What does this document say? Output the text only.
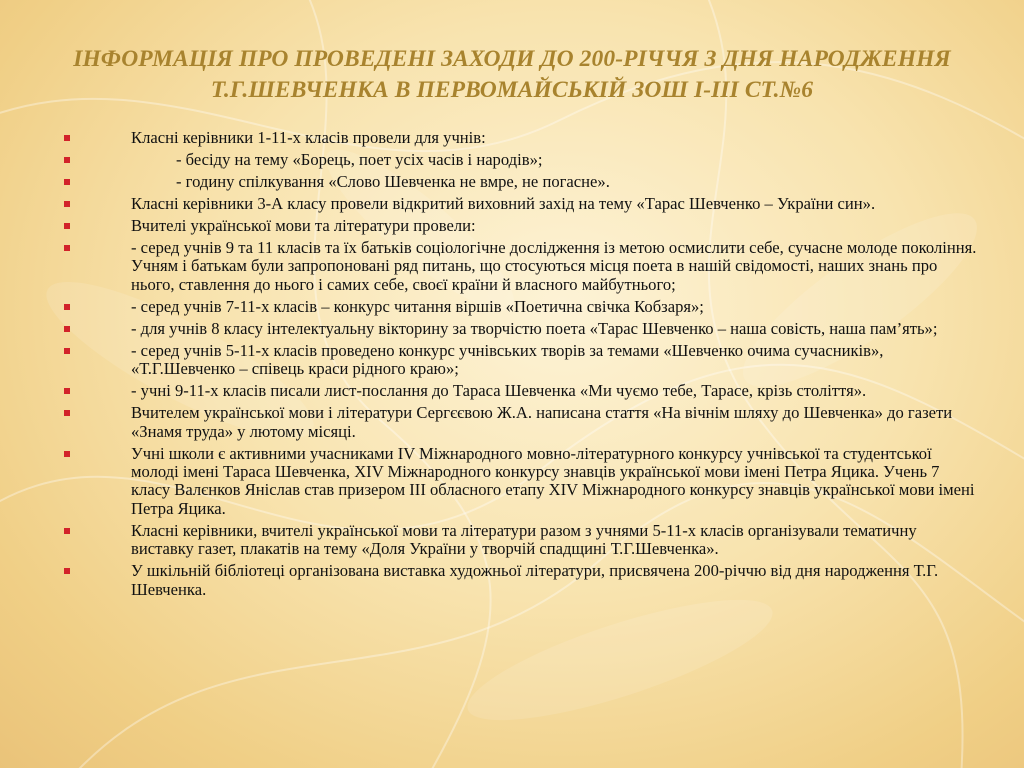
ІНФОРМАЦІЯ ПРО ПРОВЕДЕНІ ЗАХОДИ ДО 200-РІЧЧЯ З ДНЯ НАРОДЖЕННЯ Т.Г.ШЕВЧЕНКА В ПЕРВОМАЙСЬКІЙ ЗОШ І-ІІІ СТ.№6
Класні керівники 1-11-х класів провели для учнів:
- бесіду на тему «Борець, поет усіх часів і народів»;
- годину спілкування «Слово Шевченка не вмре, не погасне».
Класні керівники 3-А класу провели відкритий виховний захід на тему «Тарас Шевченко – України син».
Вчителі української мови та літератури провели:
- серед учнів 9 та 11 класів та їх батьків соціологічне дослідження із метою осмислити себе, сучасне молоде покоління. Учням і батькам були запропоновані ряд питань, що стосуються місця поета в нашій свідомості, наших знань про нього, ставлення до нього і самих себе, своєї країни й власного майбутнього;
- серед учнів 7-11-х класів – конкурс читання віршів «Поетична свічка Кобзаря»;
- для учнів 8 класу інтелектуальну вікторину за творчістю поета «Тарас Шевченко – наша совість, наша пам’ять»;
- серед учнів 5-11-х класів проведено конкурс учнівських творів за темами «Шевченко очима сучасників», «Т.Г.Шевченко – співець краси рідного краю»;
- учні 9-11-х класів писали лист-послання до Тараса Шевченка «Ми чуємо тебе, Тарасе, крізь століття».
Вчителем української мови і літератури Сергєєвою Ж.А. написана стаття «На вічнім шляху до Шевченка» до газети «Знамя труда» у лютому місяці.
Учні школи є активними учасниками IV Міжнародного мовно-літературного конкурсу учнівської та студентської молоді імені Тараса Шевченка, XIV Міжнародного конкурсу знавців української мови імені Петра Яцика. Учень 7 класу Валєнков Яніслав став призером ІІІ обласного етапу XIV Міжнародного конкурсу знавців української мови імені Петра Яцика.
Класні керівники, вчителі української мови та літератури разом з учнями 5-11-х класів організували тематичну виставку газет, плакатів на тему «Доля України у творчій спадщині Т.Г.Шевченка».
У шкільній бібліотеці організована виставка художньої літератури, присвячена 200-річчю від дня народження Т.Г. Шевченка.
